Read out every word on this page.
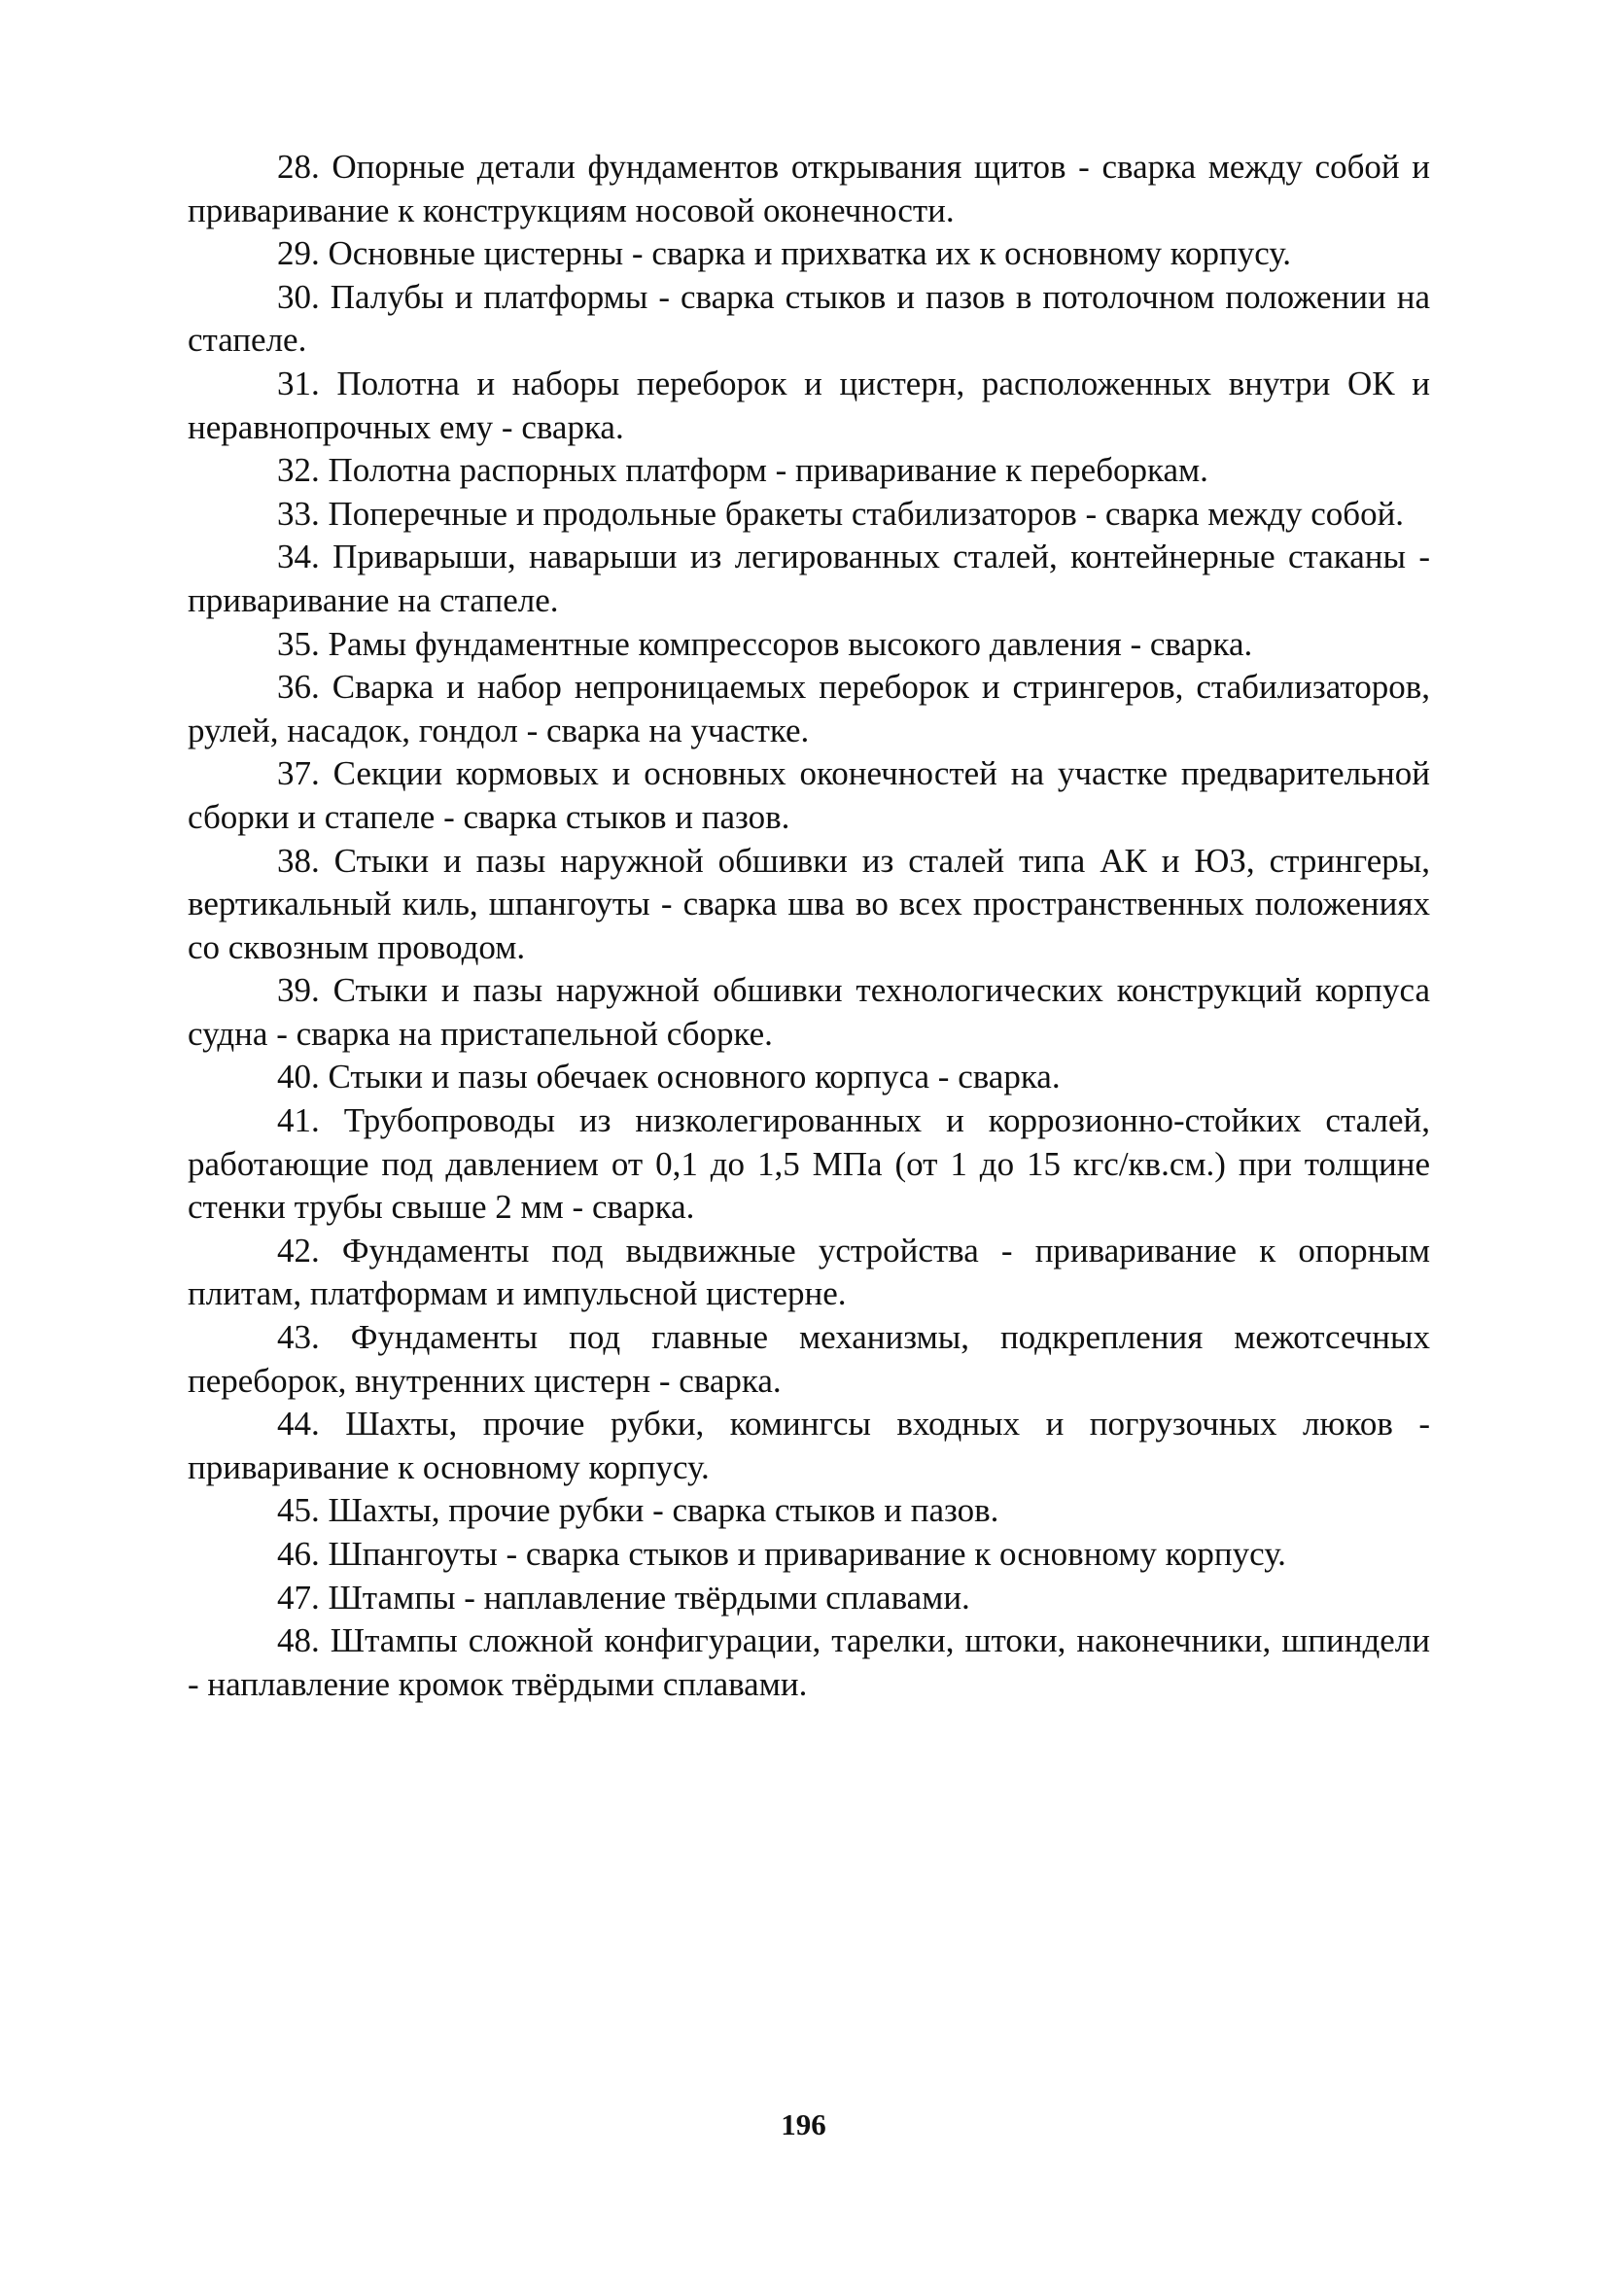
28. Опорные детали фундаментов открывания щитов - сварка между собой и приваривание к конструкциям носовой оконечности.

29. Основные цистерны - сварка и прихватка их к основному корпусу.

30. Палубы и платформы - сварка стыков и пазов в потолочном положении на стапеле.

31. Полотна и наборы переборок и цистерн, расположенных внутри ОК и неравнопрочных ему - сварка.

32. Полотна распорных платформ - приваривание к переборкам.

33. Поперечные и продольные бракеты стабилизаторов - сварка между собой.

34. Приварыши, наварыши из легированных сталей, контейнерные стаканы - приваривание на стапеле.

35. Рамы фундаментные компрессоров высокого давления - сварка.

36. Сварка и набор непроницаемых переборок и стрингеров, стабилизаторов, рулей, насадок, гондол - сварка на участке.

37. Секции кормовых и основных оконечностей на участке предварительной сборки и стапеле - сварка стыков и пазов.

38. Стыки и пазы наружной обшивки из сталей типа АК и ЮЗ, стрингеры, вертикальный киль, шпангоуты - сварка шва во всех пространственных положениях со сквозным проводом.

39. Стыки и пазы наружной обшивки технологических конструкций корпуса судна - сварка на пристапельной сборке.

40. Стыки и пазы обечаек основного корпуса - сварка.

41. Трубопроводы из низколегированных и коррозионно-стойких сталей, работающие под давлением от 0,1 до 1,5 МПа (от 1 до 15 кгс/кв.см.) при толщине стенки трубы свыше 2 мм - сварка.

42. Фундаменты под выдвижные устройства - приваривание к опорным плитам, платформам и импульсной цистерне.

43. Фундаменты под главные механизмы, подкрепления межотсечных переборок, внутренних цистерн - сварка.

44. Шахты, прочие рубки, комингсы входных и погрузочных люков - приваривание к основному корпусу.

45. Шахты, прочие рубки - сварка стыков и пазов.

46. Шпангоуты - сварка стыков и приваривание к основному корпусу.

47. Штампы - наплавление твёрдыми сплавами.

48. Штампы сложной конфигурации, тарелки, штоки, наконечники, шпиндели - наплавление кромок твёрдыми сплавами.

196
